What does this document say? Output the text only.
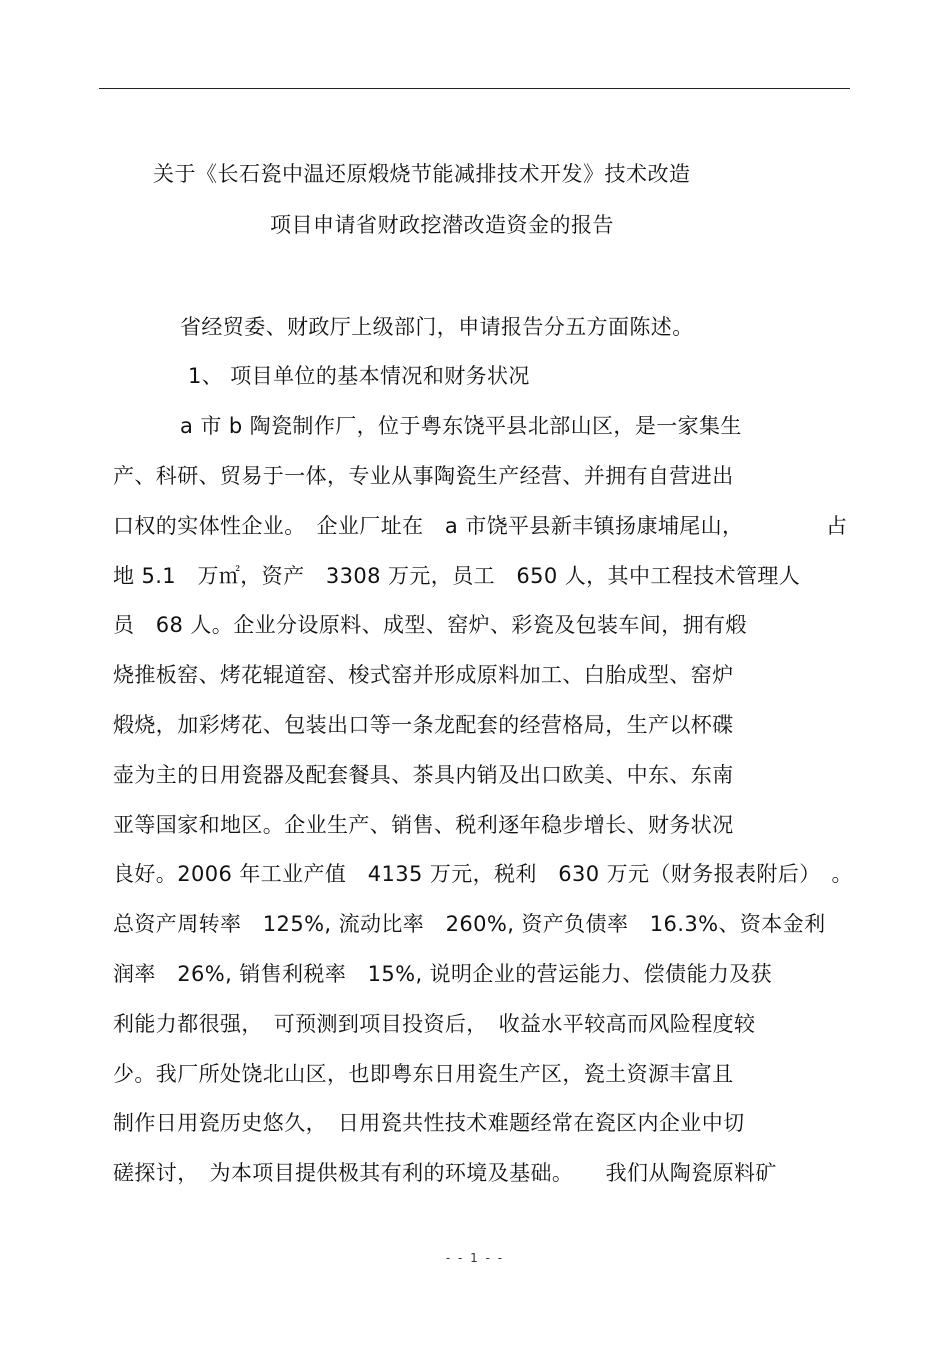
关于《长石瓷中温还原煅烧节能减排技术开发》技术改造
项目申请省财政挖潜改造资金的报告
省经贸委、财政厅上级部门，申请报告分五方面陈述。
1、 项目单位的基本情况和财务状况
a 市 b 陶瓷制作厂，位于粤东饶平县北部山区，是一家集生
产、科研、贸易于一体，专业从事陶瓷生产经营、并拥有自营进出
口权的实体性企业。　企业厂址在　a 市饶平县新丰镇扬康埔尾山，	占
地 5.1　万㎡，资产　3308 万元，员工　650 人，其中工程技术管理人
员　68 人。企业分设原料、成型、窑炉、彩瓷及包装车间，拥有煅
烧推板窑、烤花辊道窑、梭式窑并形成原料加工、白胎成型、窑炉
煅烧，加彩烤花、包装出口等一条龙配套的经营格局，生产以杯碟
壶为主的日用瓷器及配套餐具、茶具内销及出口欧美、中东、东南
亚等国家和地区。企业生产、销售、税利逐年稳步增长、财务状况
良好。2006 年工业产值　4135 万元，税利　630 万元（财务报表附后）　。
总资产周转率　125%, 流动比率　260%, 资产负债率　16.3%、资本金利
润率　26%, 销售利税率　15%, 说明企业的营运能力、偿债能力及获
利能力都很强，　可预测到项目投资后，　收益水平较高而风险程度较
少。我厂所处饶北山区，也即粤东日用瓷生产区，瓷土资源丰富且
制作日用瓷历史悠久，　日用瓷共性技术难题经常在瓷区内企业中切
磋探讨，　为本项目提供极其有利的环境及基础。　　我们从陶瓷原料矿
- - 1 - -
